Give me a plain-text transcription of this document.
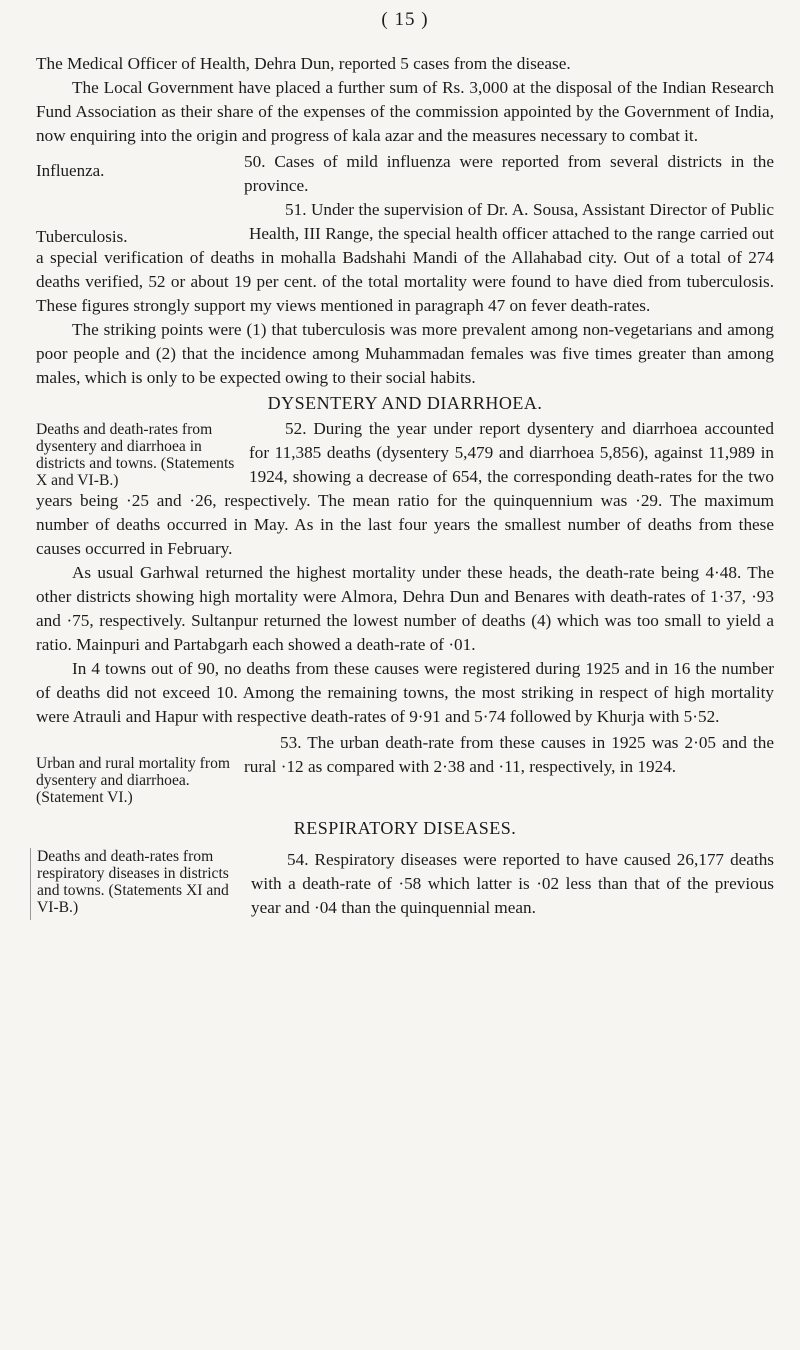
( 15 )

The Medical Officer of Health, Dehra Dun, reported 5 cases from the disease.

The Local Government have placed a further sum of Rs. 3,000 at the disposal of the Indian Research Fund Association as their share of the expenses of the commission appointed by the Government of India, now enquiring into the origin and progress of kala azar and the measures necessary to combat it.

Influenza.	50. Cases of mild influenza were reported from several districts in the province.

Tuberculosis.

51. Under the supervision of Dr. A. Sousa, Assistant Director of Public Health, III Range, the special health officer attached to the range carried out a special verification of deaths in mohalla Badshahi Mandi of the Allahabad city. Out of a total of 274 deaths verified, 52 or about 19 per cent. of the total mortality were found to have died from tuberculosis. These figures strongly support my views mentioned in paragraph 47 on fever death-rates.

The striking points were (1) that tuberculosis was more prevalent among non-vegetarians and among poor people and (2) that the incidence among Muhammadan females was five times greater than among males, which is only to be expected owing to their social habits.

DYSENTERY AND DIARRHOEA.
Deaths and death-rates from dysentery and diarrhoea in districts and towns. (Statements X and VI-B.)

52. During the year under report dysentery and diarrhoea accounted for 11,385 deaths (dysentery 5,479 and diarrhoea 5,856), against 11,989 in 1924, showing a decrease of 654, the corresponding death-rates for the two years being ·25 and ·26, respectively. The mean ratio for the quinquennium was ·29. The maximum number of deaths occurred in May. As in the last four years the smallest number of deaths from these causes occurred in February.

As usual Garhwal returned the highest mortality under these heads, the death-rate being 4·48. The other districts showing high mortality were Almora, Dehra Dun and Benares with death-rates of 1·37, ·93 and ·75, respectively. Sultanpur returned the lowest number of deaths (4) which was too small to yield a ratio. Mainpuri and Partabgarh each showed a death-rate of ·01.

In 4 towns out of 90, no deaths from these causes were registered during 1925 and in 16 the number of deaths did not exceed 10. Among the remaining towns, the most striking in respect of high mortality were Atrauli and Hapur with respective death-rates of 9·91 and 5·74 followed by Khurja with 5·52.

Urban and rural mortality from dysentery and diarrhoea. (Statement VI.)

53. The urban death-rate from these causes in 1925 was 2·05 and the rural ·12 as compared with 2·38 and ·11, respectively, in 1924.

RESPIRATORY DISEASES.
Deaths and death-rates from respiratory diseases in districts and towns. (Statements XI and VI-B.)

54. Respiratory diseases were reported to have caused 26,177 deaths with a death-rate of ·58 which latter is ·02 less than that of the previous year and ·04 than the quinquennial mean.
